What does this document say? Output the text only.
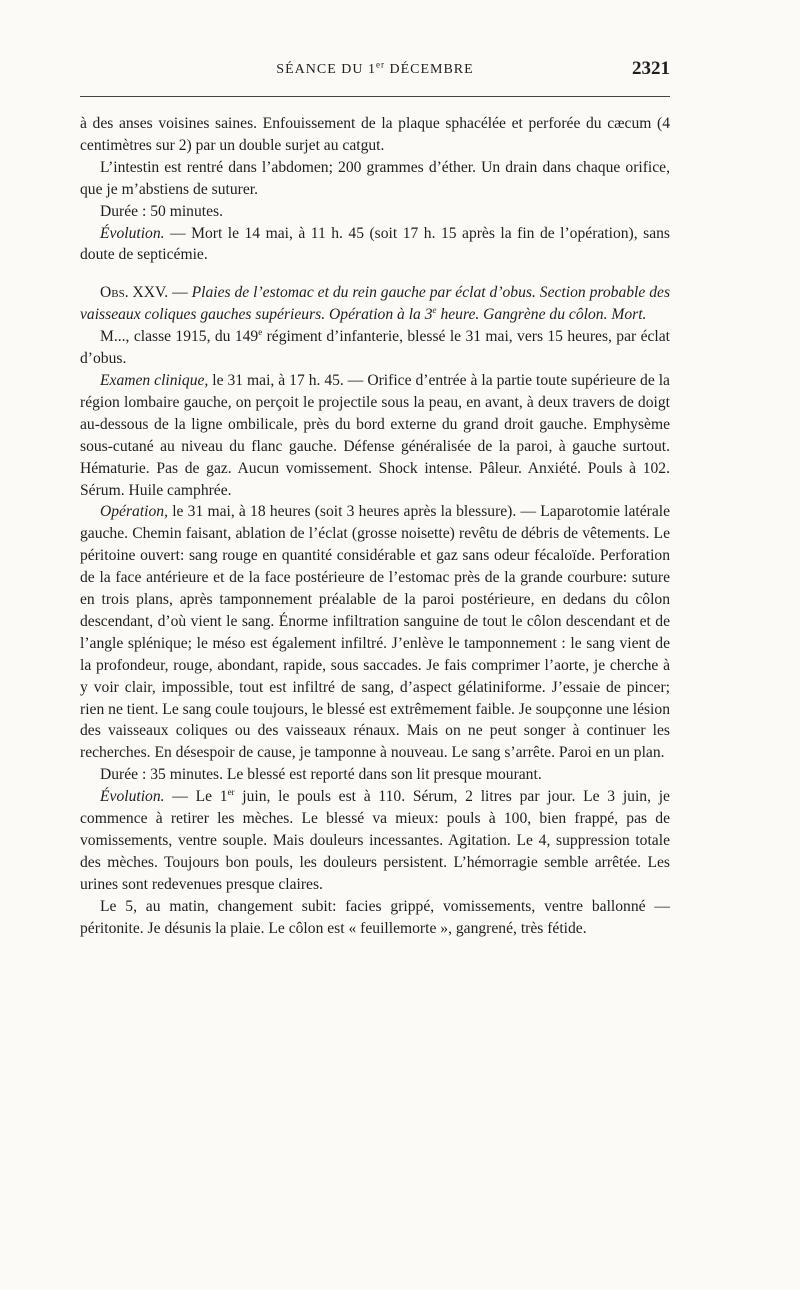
SÉANCE DU 1er DÉCEMBRE	2321

à des anses voisines saines. Enfouissement de la plaque sphacélée et perforée du cæcum (4 centimètres sur 2) par un double surjet au catgut.

L’intestin est rentré dans l’abdomen; 200 grammes d’éther. Un drain dans chaque orifice, que je m’abstiens de suturer.

Durée : 50 minutes.

Évolution. — Mort le 14 mai, à 11 h. 45 (soit 17 h. 15 après la fin de l’opération), sans doute de septicémie.

Obs. XXV. — Plaies de l’estomac et du rein gauche par éclat d’obus. Section probable des vaisseaux coliques gauches supérieurs. Opération à la 3e heure. Gangrène du côlon. Mort.

M..., classe 1915, du 149e régiment d’infanterie, blessé le 31 mai, vers 15 heures, par éclat d’obus.

Examen clinique, le 31 mai, à 17 h. 45. — Orifice d’entrée à la partie toute supérieure de la région lombaire gauche, on perçoit le projectile sous la peau, en avant, à deux travers de doigt au-dessous de la ligne ombilicale, près du bord externe du grand droit gauche. Emphysème sous-cutané au niveau du flanc gauche. Défense généralisée de la paroi, à gauche surtout. Hématurie. Pas de gaz. Aucun vomissement. Shock intense. Pâleur. Anxiété. Pouls à 102. Sérum. Huile camphrée.

Opération, le 31 mai, à 18 heures (soit 3 heures après la blessure). — Laparotomie latérale gauche. Chemin faisant, ablation de l’éclat (grosse noisette) revêtu de débris de vêtements. Le péritoine ouvert: sang rouge en quantité considérable et gaz sans odeur fécaloïde. Perforation de la face antérieure et de la face postérieure de l’estomac près de la grande courbure: suture en trois plans, après tamponnement préalable de la paroi postérieure, en dedans du côlon descendant, d’où vient le sang. Énorme infiltration sanguine de tout le côlon descendant et de l’angle splénique; le méso est également infiltré. J’enlève le tamponnement : le sang vient de la profondeur, rouge, abondant, rapide, sous saccades. Je fais comprimer l’aorte, je cherche à y voir clair, impossible, tout est infiltré de sang, d’aspect gélatiniforme. J’essaie de pincer; rien ne tient. Le sang coule toujours, le blessé est extrêmement faible. Je soupçonne une lésion des vaisseaux coliques ou des vaisseaux rénaux. Mais on ne peut songer à continuer les recherches. En désespoir de cause, je tamponne à nouveau. Le sang s’arrête. Paroi en un plan.

Durée : 35 minutes. Le blessé est reporté dans son lit presque mourant.

Évolution. — Le 1er juin, le pouls est à 110. Sérum, 2 litres par jour. Le 3 juin, je commence à retirer les mèches. Le blessé va mieux: pouls à 100, bien frappé, pas de vomissements, ventre souple. Mais douleurs incessantes. Agitation. Le 4, suppression totale des mèches. Toujours bon pouls, les douleurs persistent. L’hémorragie semble arrêtée. Les urines sont redevenues presque claires.

Le 5, au matin, changement subit: facies grippé, vomissements, ventre ballonné — péritonite. Je désunis la plaie. Le côlon est « feuillemorte », gangrené, très fétide.
